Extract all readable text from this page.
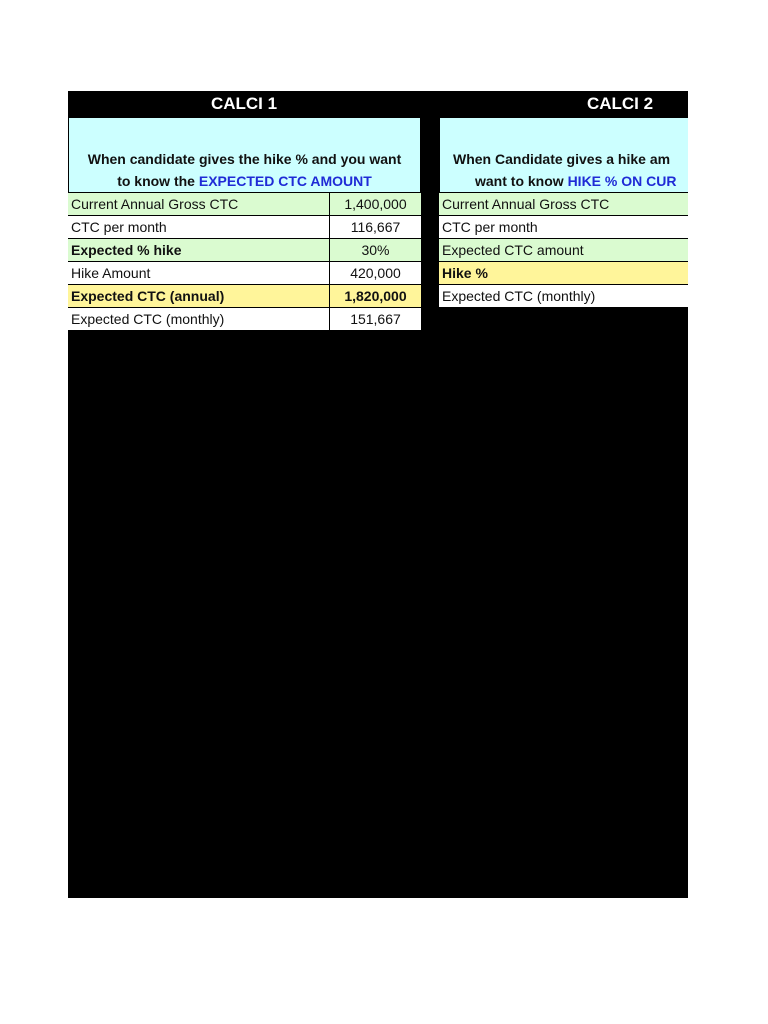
CALCI 1
When candidate gives the hike % and you want
to know the EXPECTED CTC AMOUNT
Current Annual Gross CTC	1,400,000
CTC per month	116,667
Expected % hike	30%
Hike Amount	420,000
Expected CTC (annual)	1,820,000
Expected CTC (monthly)	151,667
CALCI 2
When Candidate gives a hike am
want to know HIKE % ON CUR
Current Annual Gross CTC
CTC per month
Expected CTC amount
Hike %
Expected CTC (monthly)
